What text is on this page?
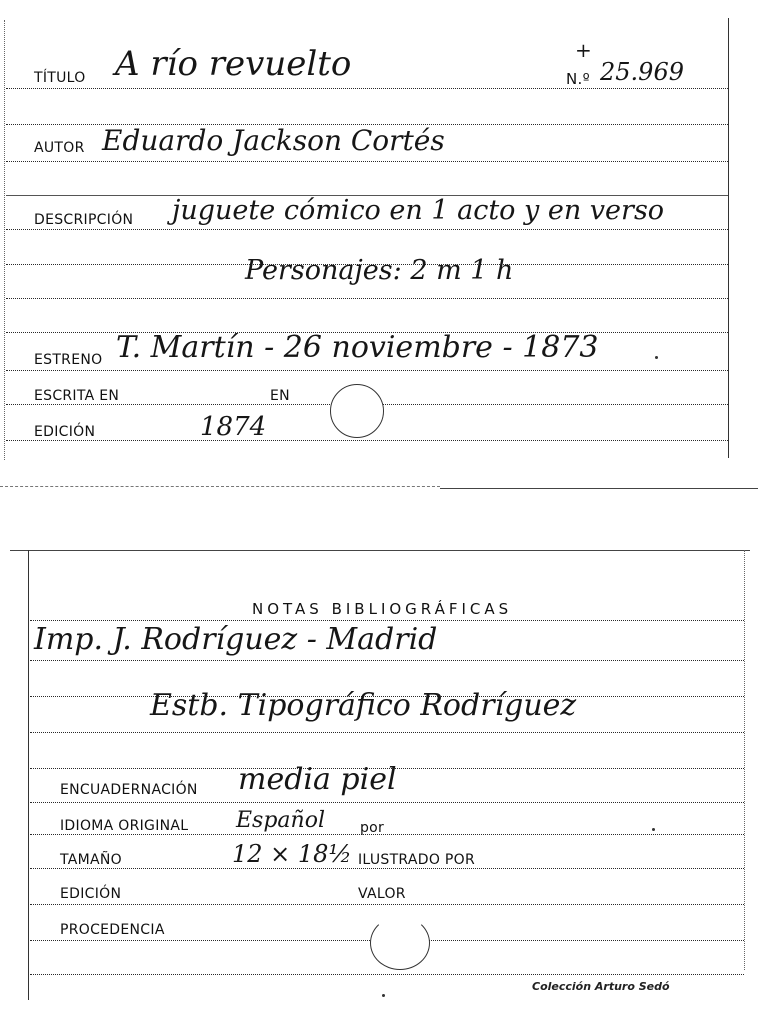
TÍTULO A río revuelto	N.º 25.969
+
AUTOR Eduardo Jackson Cortés
DESCRIPCIÓN juguete cómico en 1 acto y en verso
Personajes: 2 m 1 h
ESTRENO T. Martín - 26 noviembre - 1873
ESCRITA EN	EN
EDICIÓN	1874
NOTAS BIBLIOGRÁFICAS
Imp. J. Rodríguez - Madrid
Estb. Tipográfico Rodríguez
ENCUADERNACIÓN media piel
IDIOMA ORIGINAL Español	por
TAMAÑO	12 × 18½ ILUSTRADO POR
EDICIÓN	VALOR
PROCEDENCIA
Colección Arturo Sedó
